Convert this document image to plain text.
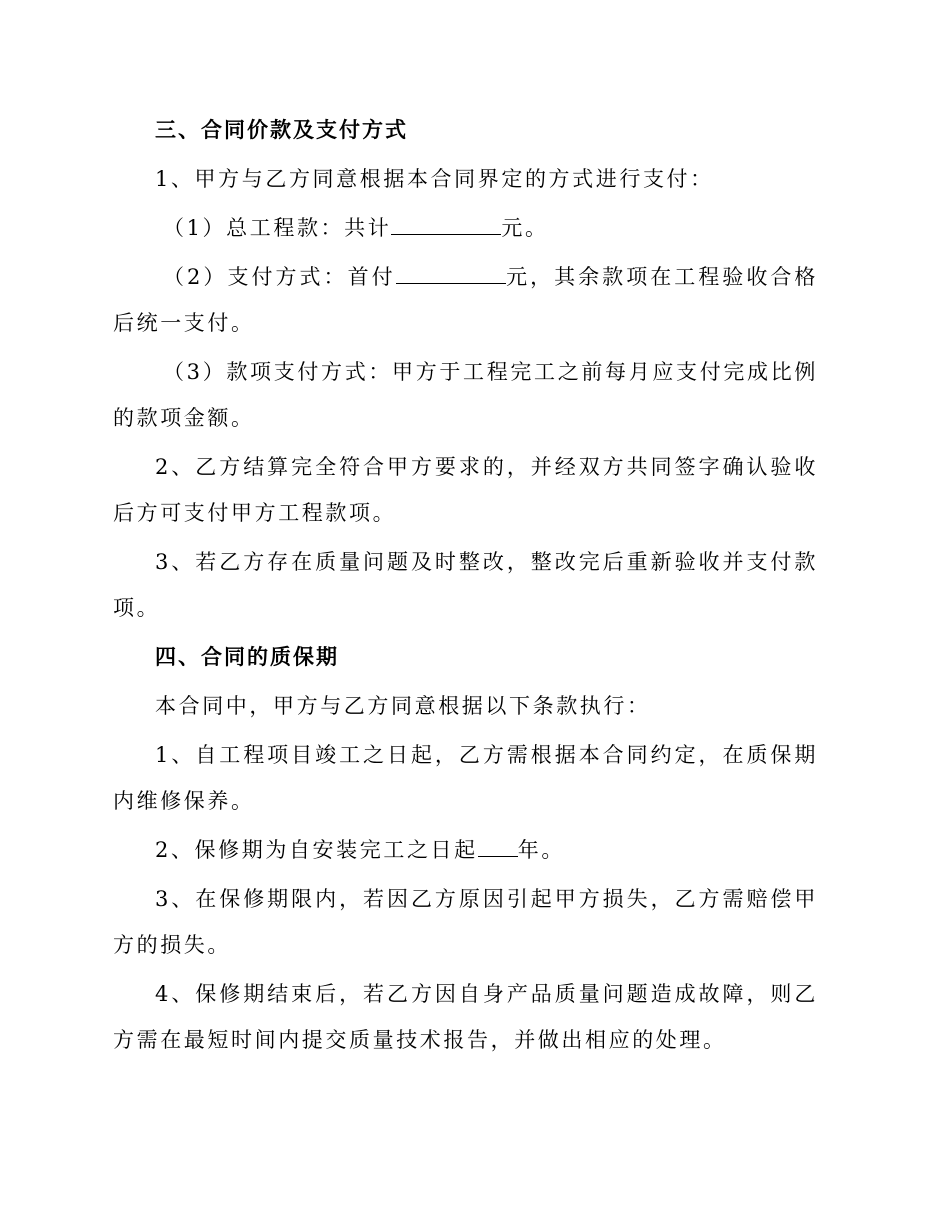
三、合同价款及支付方式

1、甲方与乙方同意根据本合同界定的方式进行支付：

（1）总工程款：共计	元。

（2）支付方式：首付	元，其余款项在工程验收合格后统一支付。

（3）款项支付方式：甲方于工程完工之前每月应支付完成比例的款项金额。

2、乙方结算完全符合甲方要求的，并经双方共同签字确认验收后方可支付甲方工程款项。

3、若乙方存在质量问题及时整改，整改完后重新验收并支付款项。

四、合同的质保期

本合同中，甲方与乙方同意根据以下条款执行：

1、自工程项目竣工之日起，乙方需根据本合同约定，在质保期内维修保养。

2、保修期为自安装完工之日起 年。

3、在保修期限内，若因乙方原因引起甲方损失，乙方需赔偿甲方的损失。

4、保修期结束后，若乙方因自身产品质量问题造成故障，则乙方需在最短时间内提交质量技术报告，并做出相应的处理。
